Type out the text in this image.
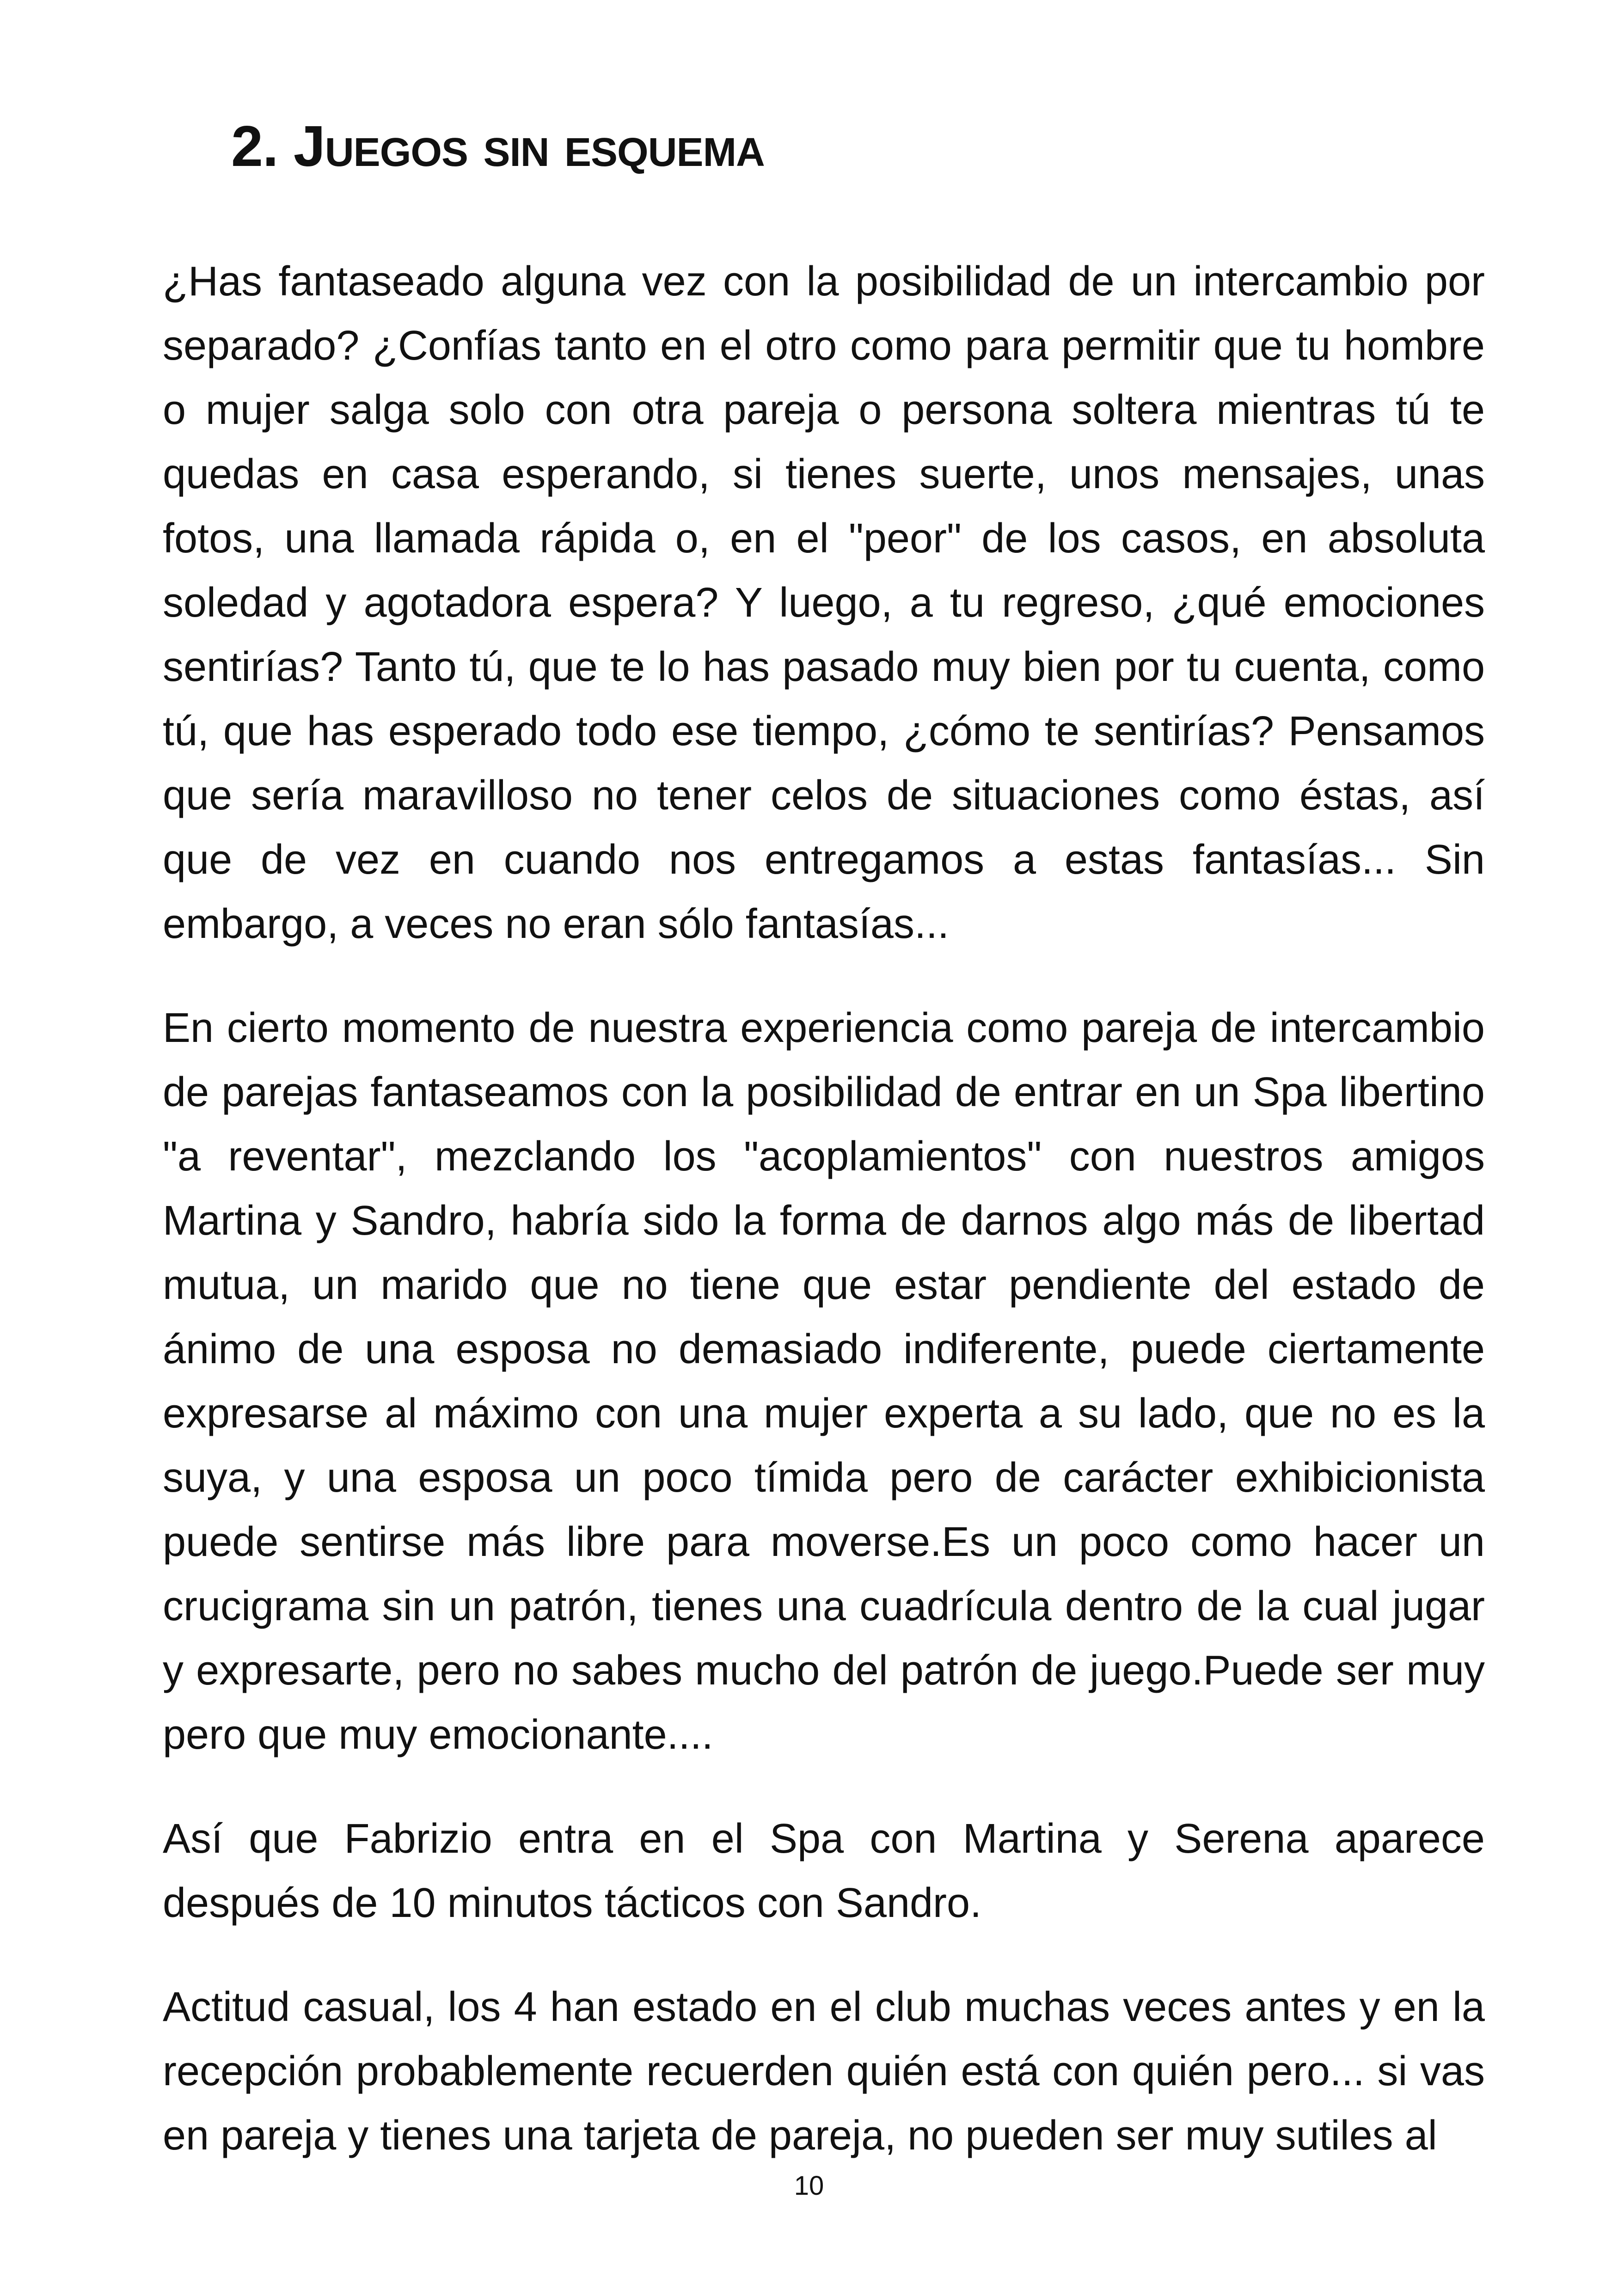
2. Juegos sin esquema

¿Has fantaseado alguna vez con la posibilidad de un intercambio por separado? ¿Confías tanto en el otro como para permitir que tu hombre o mujer salga solo con otra pareja o persona soltera mientras tú te quedas en casa esperando, si tienes suerte, unos mensajes, unas fotos, una llamada rápida o, en el "peor" de los casos, en absoluta soledad y agotadora espera? Y luego, a tu regreso, ¿qué emociones sentirías? Tanto tú, que te lo has pasado muy bien por tu cuenta, como tú, que has esperado todo ese tiempo, ¿cómo te sentirías? Pensamos que sería maravilloso no tener celos de situaciones como éstas, así que de vez en cuando nos entregamos a estas fantasías... Sin embargo, a veces no eran sólo fantasías...

En cierto momento de nuestra experiencia como pareja de intercambio de parejas fantaseamos con la posibilidad de entrar en un Spa libertino "a reventar", mezclando los "acoplamientos" con nuestros amigos Martina y Sandro, habría sido la forma de darnos algo más de libertad mutua, un marido que no tiene que estar pendiente del estado de ánimo de una esposa no demasiado indiferente, puede ciertamente expresarse al máximo con una mujer experta a su lado, que no es la suya, y una esposa un poco tímida pero de carácter exhibicionista puede sentirse más libre para moverse.Es un poco como hacer un crucigrama sin un patrón, tienes una cuadrícula dentro de la cual jugar y expresarte, pero no sabes mucho del patrón de juego.Puede ser muy pero que muy emocionante....

Así que Fabrizio entra en el Spa con Martina y Serena aparece después de 10 minutos tácticos con Sandro.

Actitud casual, los 4 han estado en el club muchas veces antes y en la recepción probablemente recuerden quién está con quién pero... si vas en pareja y tienes una tarjeta de pareja, no pueden ser muy sutiles al

10
